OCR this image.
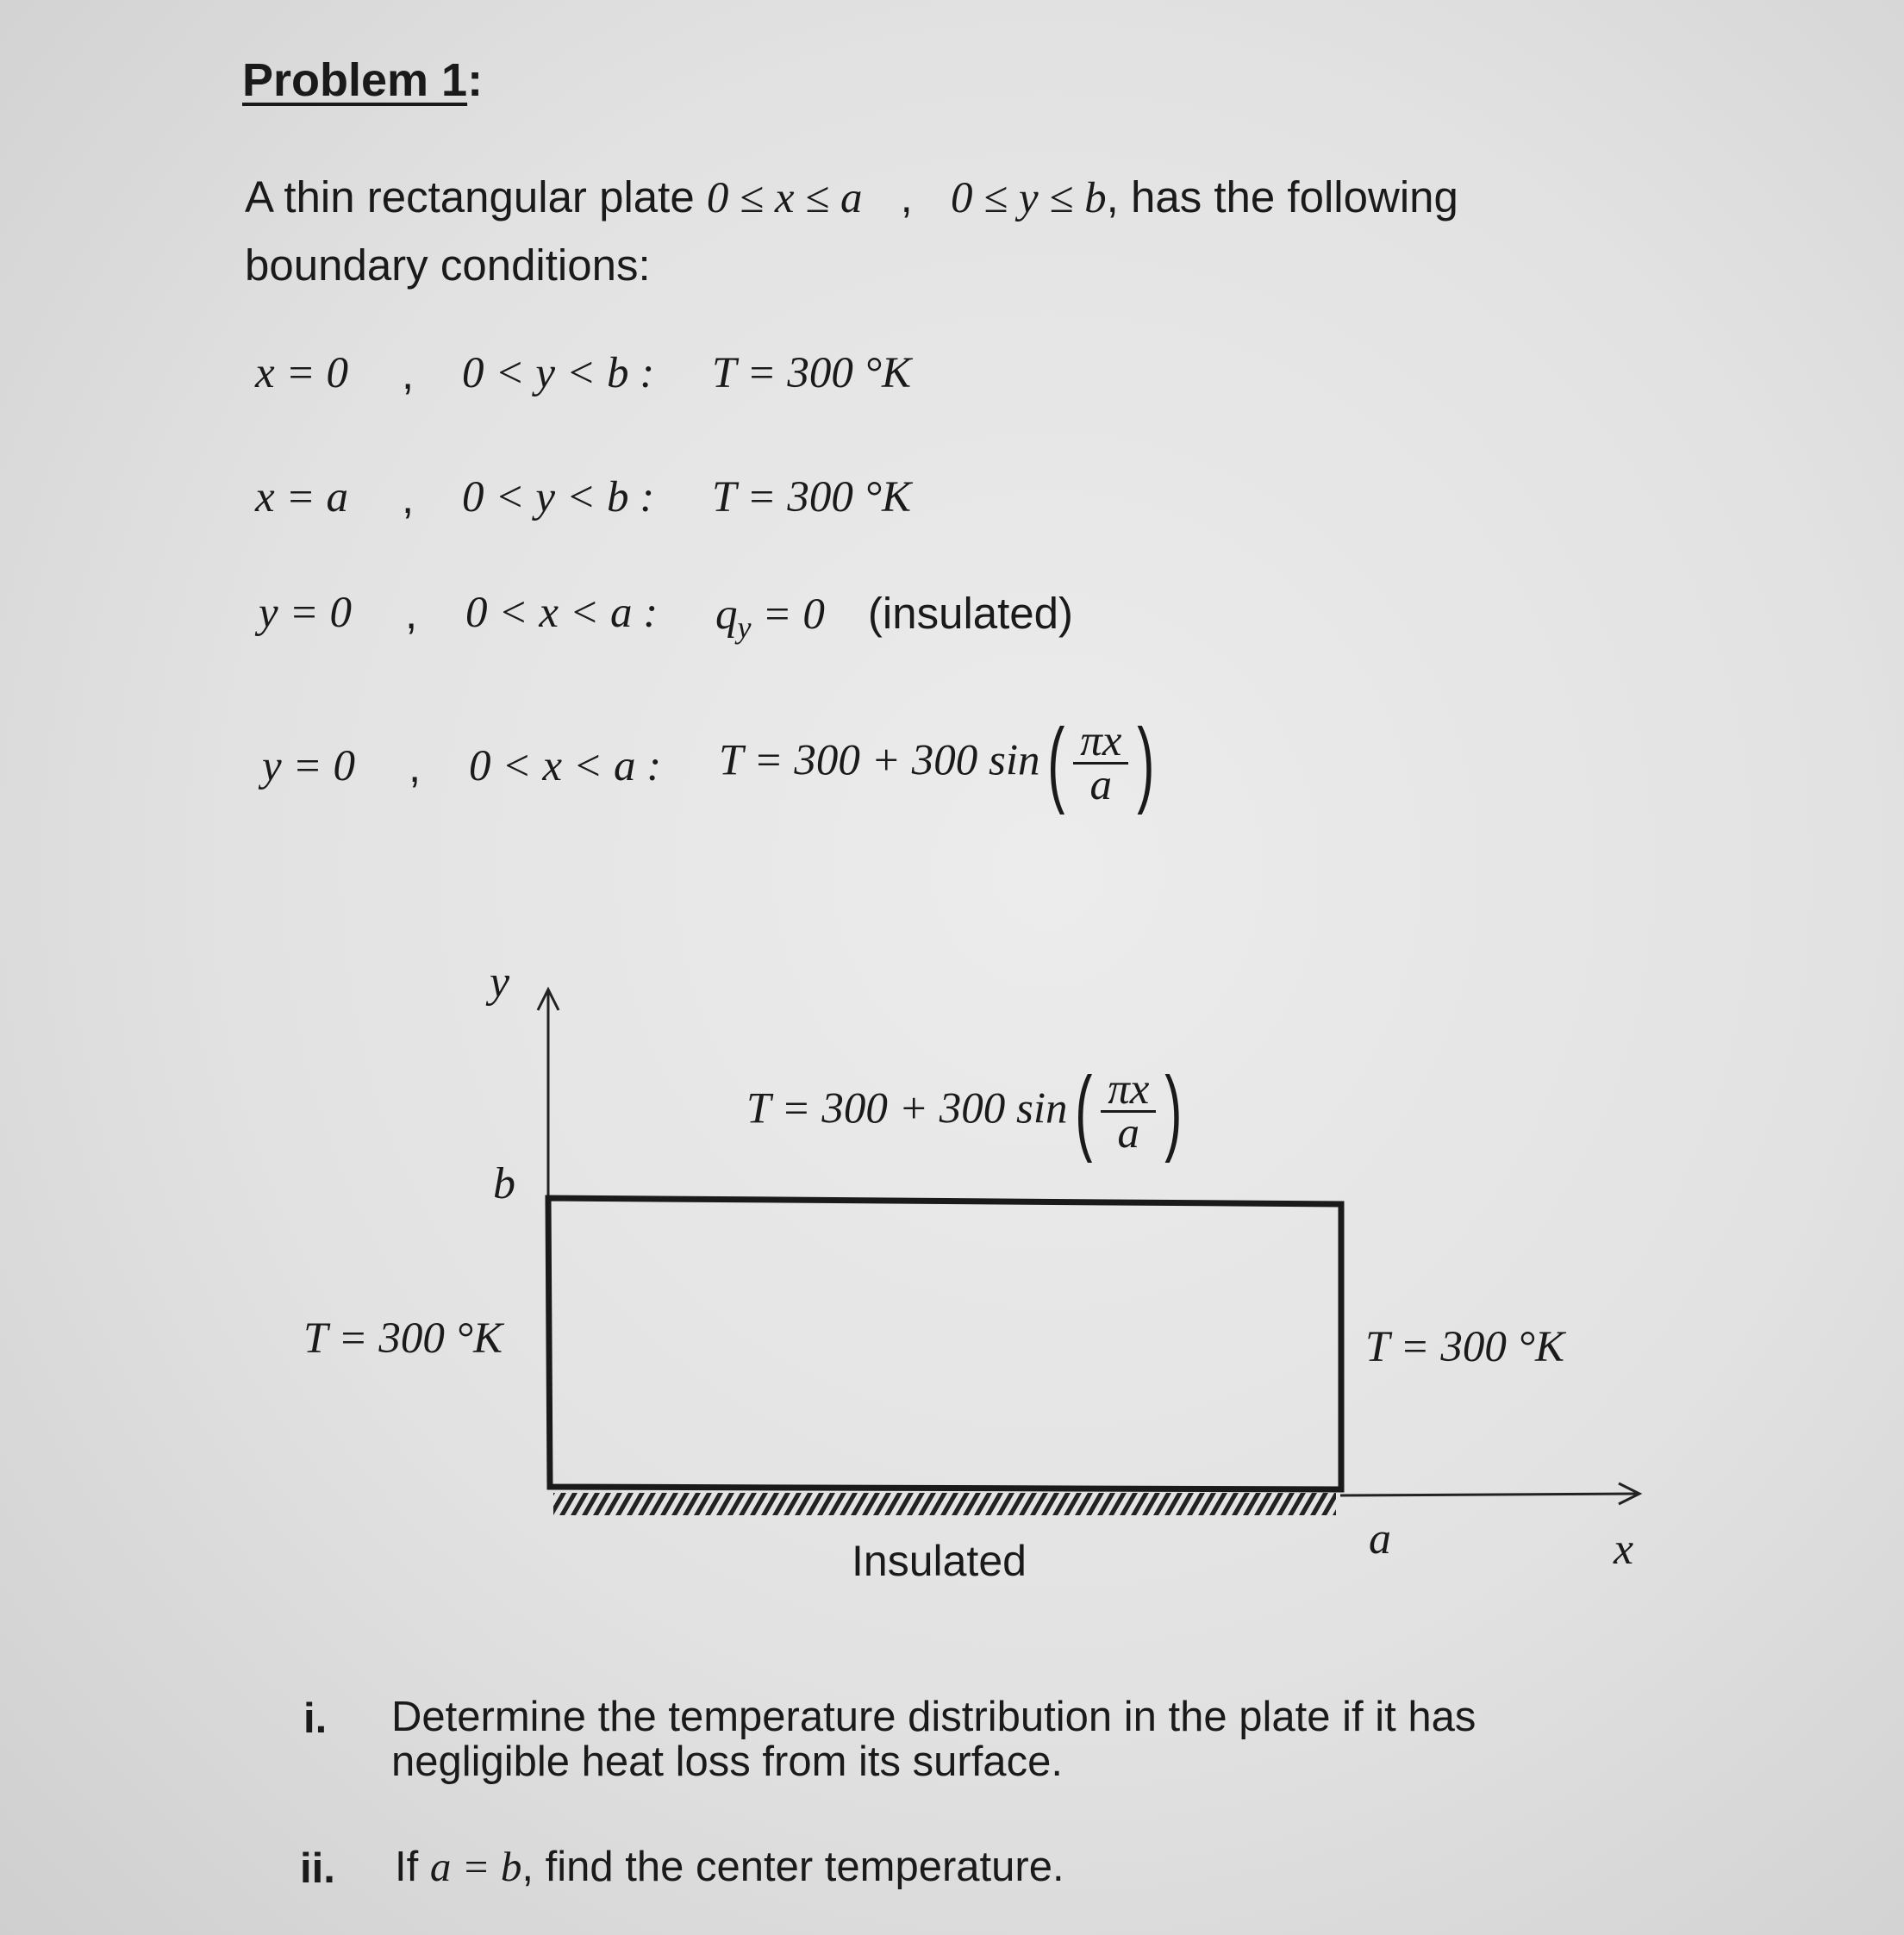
Problem 1:
A thin rectangular plate 0 ≤ x ≤ a , 0 ≤ y ≤ b, has the following
boundary conditions:
x = 0 , 0 < y < b : T = 300 °K
x = a , 0 < y < b : T = 300 °K
y = 0 , 0 < x < a : $q_y = 0$ (insulated)
y = 0 , 0 < x < a : T = 300 + 300 $\sin( \frac{\pi x}{a}$ )
y
b
a	x
T = 300 + 300 $\sin( \frac{\pi x}{a}$ )
T = 300 °K	T = 300 °K
Insulated
i. Determine the temperature distribution in the plate if it has negligible heat loss from its surface.
ii. If a = b, find the center temperature.
